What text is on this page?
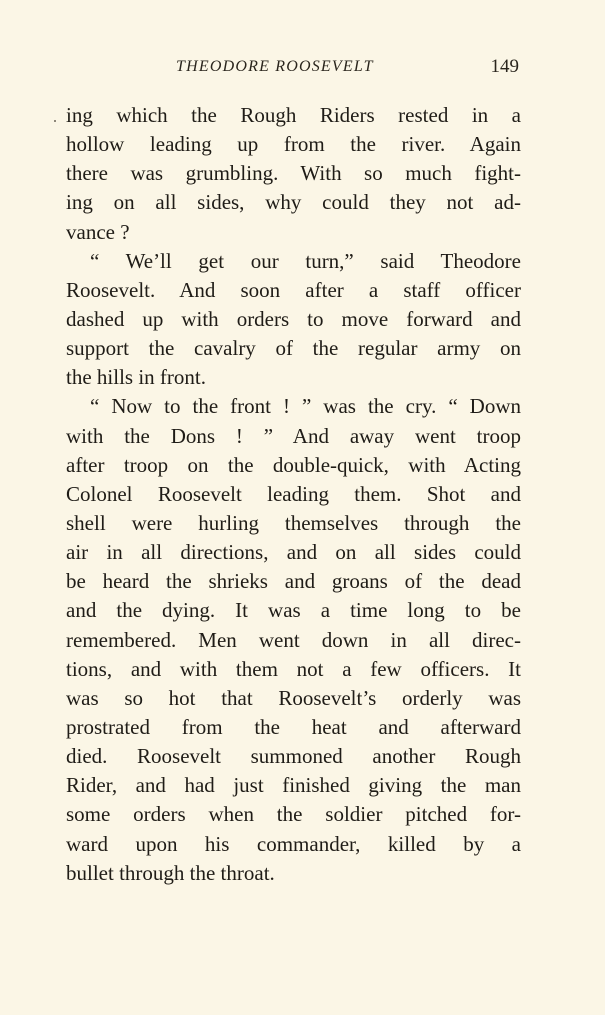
THEODORE ROOSEVELT	149
ing which the Rough Riders rested in a
hollow leading up from the river. Again
there was grumbling. With so much fight-
ing on all sides, why could they not ad-
vance ?
“ We’ll get our turn,” said Theodore
Roosevelt. And soon after a staff officer
dashed up with orders to move forward and
support the cavalry of the regular army on
the hills in front.
“ Now to the front ! ” was the cry. “ Down
with the Dons ! ” And away went troop
after troop on the double-quick, with Acting
Colonel Roosevelt leading them. Shot and
shell were hurling themselves through the
air in all directions, and on all sides could
be heard the shrieks and groans of the dead
and the dying. It was a time long to be
remembered. Men went down in all direc-
tions, and with them not a few officers. It
was so hot that Roosevelt’s orderly was
prostrated from the heat and afterward
died. Roosevelt summoned another Rough
Rider, and had just finished giving the man
some orders when the soldier pitched for-
ward upon his commander, killed by a
bullet through the throat.
